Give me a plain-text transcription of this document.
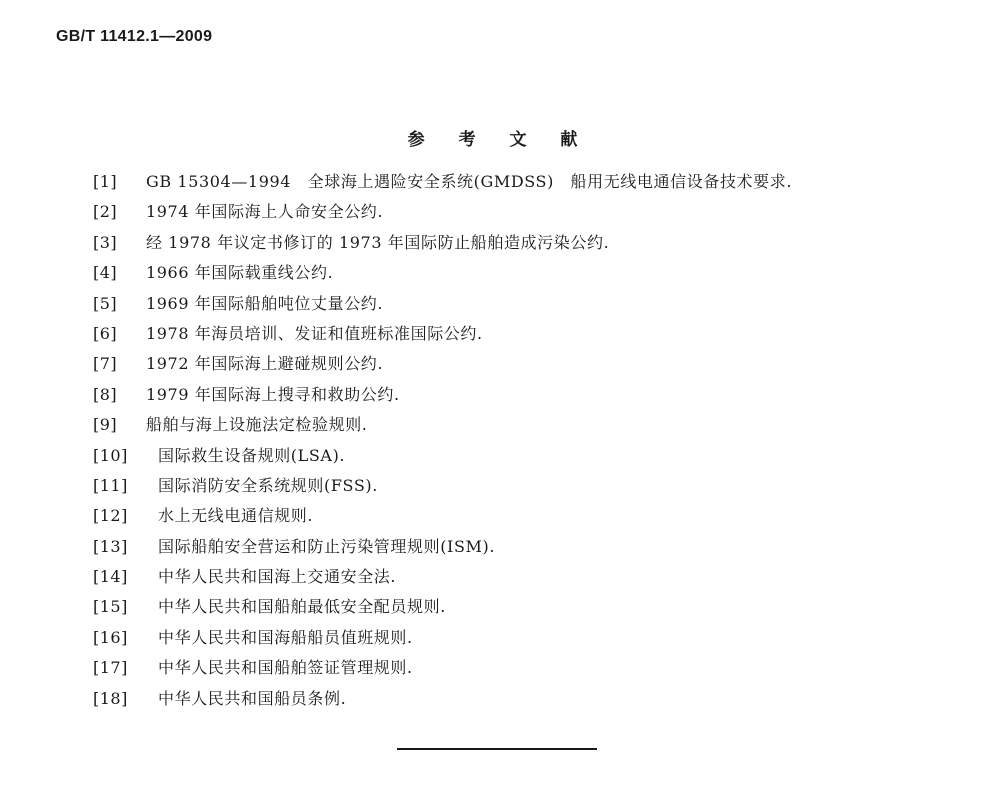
GB/T 11412.1—2009
参 考 文 献
[1]	GB 15304—1994　全球海上遇险安全系统(GMDSS)　船用无线电通信设备技术要求.
[2]	1974 年国际海上人命安全公约.
[3]	经 1978 年议定书修订的 1973 年国际防止船舶造成污染公约.
[4]	1966 年国际载重线公约.
[5]	1969 年国际船舶吨位丈量公约.
[6]	1978 年海员培训、发证和值班标准国际公约.
[7]	1972 年国际海上避碰规则公约.
[8]	1979 年国际海上搜寻和救助公约.
[9]	船舶与海上设施法定检验规则.
[10]	国际救生设备规则(LSA).
[11]	国际消防安全系统规则(FSS).
[12]	水上无线电通信规则.
[13]	国际船舶安全营运和防止污染管理规则(ISM).
[14]	中华人民共和国海上交通安全法.
[15]	中华人民共和国船舶最低安全配员规则.
[16]	中华人民共和国海船船员值班规则.
[17]	中华人民共和国船舶签证管理规则.
[18]	中华人民共和国船员条例.
